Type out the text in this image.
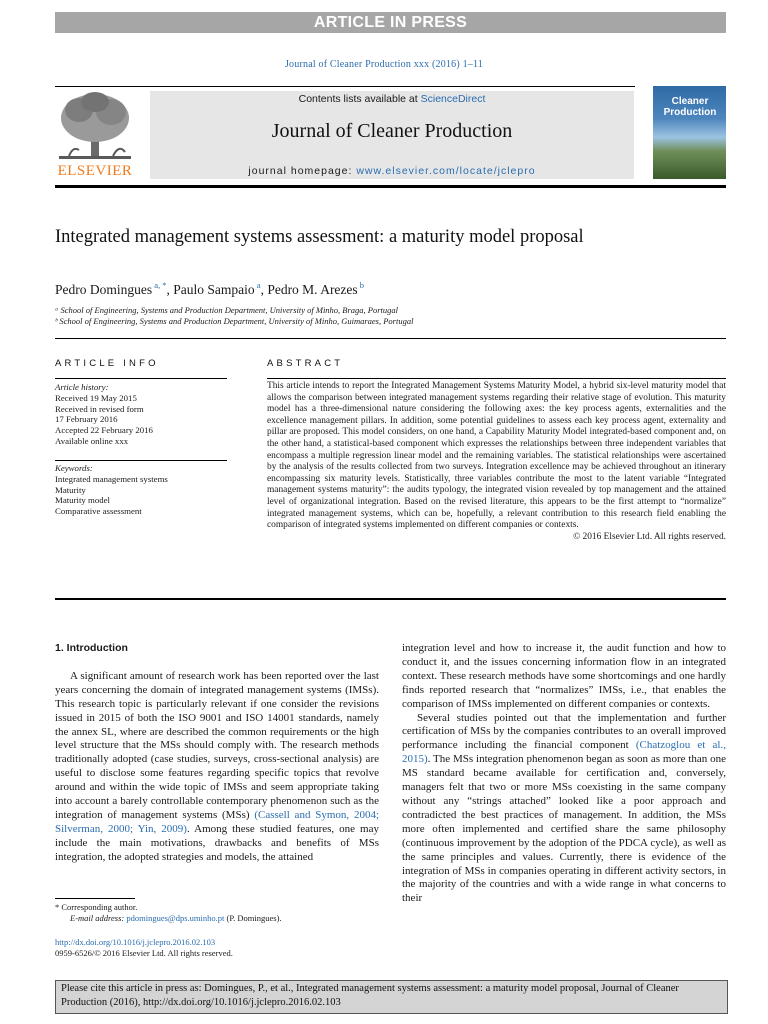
ARTICLE IN PRESS
Journal of Cleaner Production xxx (2016) 1–11
ELSEVIER
Contents lists available at ScienceDirect
Journal of Cleaner Production
journal homepage: www.elsevier.com/locate/jclepro
Cleaner Production
Integrated management systems assessment: a maturity model proposal
Pedro Domingues $^{a, *}$, Paulo Sampaio $^a$, Pedro M. Arezes $^b$
ᵃ School of Engineering, Systems and Production Department, University of Minho, Braga, Portugal
ᵇ School of Engineering, Systems and Production Department, University of Minho, Guimaraes, Portugal
ARTICLE INFO
Article history:
Received 19 May 2015
Received in revised form
17 February 2016
Accepted 22 February 2016
Available online xxx
Keywords:
Integrated management systems
Maturity
Maturity model
Comparative assessment
ABSTRACT
This article intends to report the Integrated Management Systems Maturity Model, a hybrid six-level maturity model that allows the comparison between integrated management systems regarding their relative stage of evolution. This maturity model has a three-dimensional nature considering the following axes: the key process agents, externalities and the excellence management pillars. In addition, some potential guidelines to assess each key process agent, externality and pillar are proposed. This model considers, on one hand, a Capability Maturity Model integrated-based component and, on the other hand, a statistical-based component which expresses the relationships between three independent variables that encompass a multiple regression linear model and the remaining variables. The statistical relationships were ascertained by the analysis of the results collected from two surveys. Integration excellence may be achieved throughout an itinerary encompassing six maturity levels. Statistically, three variables contribute the most to the latent variable “Integrated management systems maturity”: the audits typology, the integrated vision revealed by top management and the attained level of organizational integration. Based on the revised literature, this appears to be the first attempt to “normalize” integrated management systems, which can be, hopefully, a relevant contribution to this research field enabling the comparison of integrated systems implemented on different companies or contexts.
© 2016 Elsevier Ltd. All rights reserved.
1. Introduction

A significant amount of research work has been reported over the last years concerning the domain of integrated management systems (IMSs). This research topic is particularly relevant if one consider the revisions issued in 2015 of both the ISO 9001 and ISO 14001 standards, namely the annex SL, where are described the common requirements or the high level structure that the MSs should comply with. The research methods traditionally adopted (case studies, surveys, cross-sectional analysis) are useful to disclose some features regarding specific topics that revolve around and within the wide topic of IMSs and seem appropriate taking into account a barely controllable contemporary phenomenon such as the integration of management systems (MSs) (Cassell and Symon, 2004; Silverman, 2000; Yin, 2009). Among these studied features, one may include the main motivations, drawbacks and benefits of MSs integration, the adopted strategies and models, the attained

integration level and how to increase it, the audit function and how to conduct it, and the issues concerning information flow in an integrated context. These research methods have some shortcomings and one hardly finds reported research that “normalizes” IMSs, i.e., that enables the comparison of IMSs implemented on different companies or contexts.

Several studies pointed out that the implementation and further certification of MSs by the companies contributes to an overall improved performance including the financial component (Chatzoglou et al., 2015). The MSs integration phenomenon began as soon as more than one MS standard became available for certification and, conversely, managers felt that two or more MSs coexisting in the same company without any “strings attached” looked like a poor approach and contradicted the best practices of management. In addition, the MSs more often implemented and certified share the same philosophy (continuous improvement by the adoption of the PDCA cycle), as well as the same principles and values. Currently, there is evidence of the integration of MSs in companies operating in different activity sectors, in the majority of the countries and with a wide range in what concerns to their

* Corresponding author.
E-mail address: pdomingues@dps.uminho.pt (P. Domingues).
http://dx.doi.org/10.1016/j.jclepro.2016.02.103
0959-6526/© 2016 Elsevier Ltd. All rights reserved.
Please cite this article in press as: Domingues, P., et al., Integrated management systems assessment: a maturity model proposal, Journal of Cleaner Production (2016), http://dx.doi.org/10.1016/j.jclepro.2016.02.103
